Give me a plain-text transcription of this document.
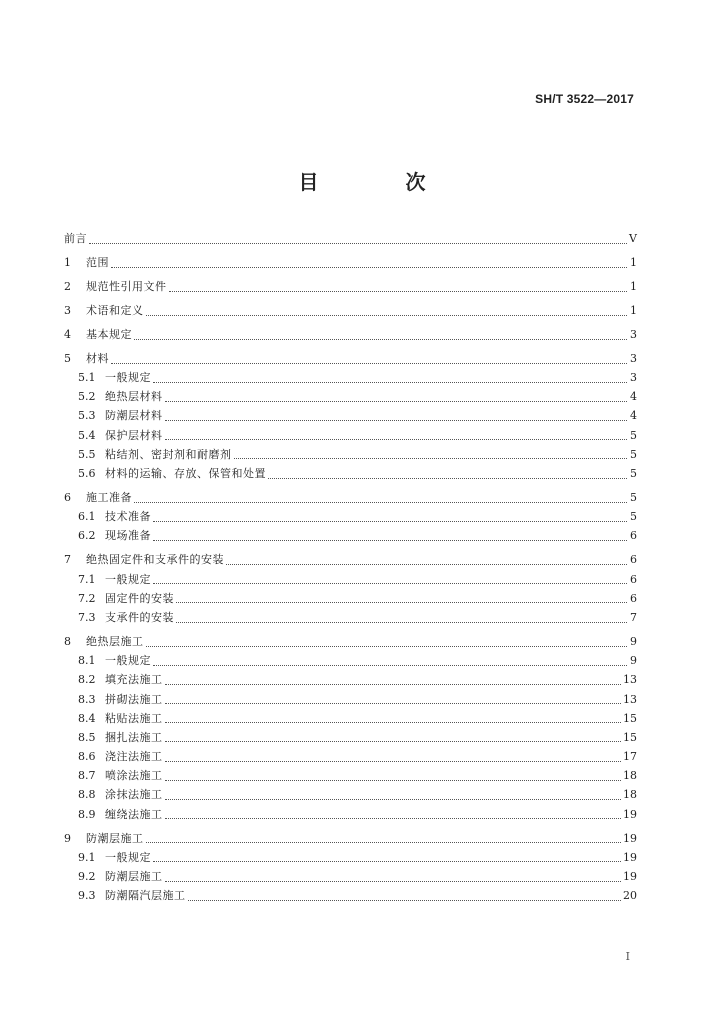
SH/T 3522—2017
目 次
前言	V
1	范围	1
2	规范性引用文件	1
3	术语和定义	1
4	基本规定	3
5	材料	3
5.1 一般规定	3
5.2 绝热层材料	4
5.3 防潮层材料	4
5.4 保护层材料	5
5.5 粘结剂、密封剂和耐磨剂	5
5.6 材料的运输、存放、保管和处置	5
6	施工准备	5
6.1 技术准备	5
6.2 现场准备	6
7	绝热固定件和支承件的安装	6
7.1 一般规定	6
7.2 固定件的安装	6
7.3 支承件的安装	7
8	绝热层施工	9
8.1 一般规定	9
8.2 填充法施工	13
8.3 拼砌法施工	13
8.4 粘贴法施工	15
8.5 捆扎法施工	15
8.6 浇注法施工	17
8.7 喷涂法施工	18
8.8 涂抹法施工	18
8.9 缠绕法施工	19
9	防潮层施工	19
9.1 一般规定	19
9.2 防潮层施工	19
9.3 防潮隔汽层施工	20
I
